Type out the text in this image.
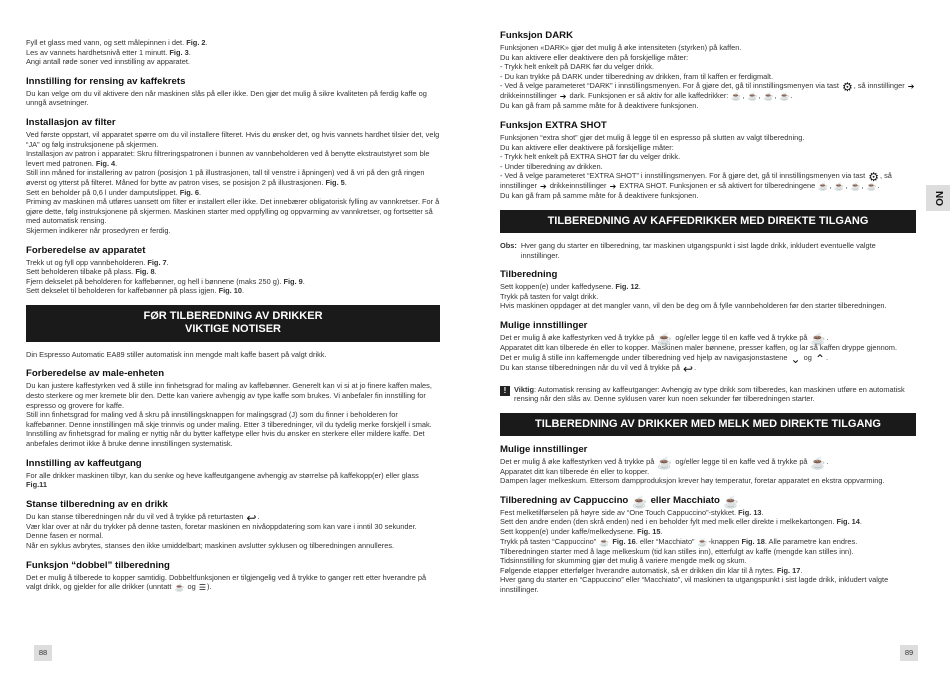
Fyll et glass med vann, og sett målepinnen i det. Fig. 2.

Les av vannets hardhetsnivå etter 1 minutt. Fig. 3.

Angi antall røde soner ved innstilling av apparatet.

Innstilling for rensing av kaffekrets

Du kan velge om du vil aktivere den når maskinen slås på eller ikke. Den gjør det mulig å sikre kvaliteten på ferdig kaffe og unngå avsetninger.

Installasjon av filter

Ved første oppstart, vil apparatet spørre om du vil installere filteret. Hvis du ønsker det, og hvis vannets hardhet tilsier det, velg “JA” og følg instruksjonene på skjermen.

Installasjon av patron i apparatet: Skru filtreringspatronen i bunnen av vannbeholderen ved å benytte ekstrautstyret som ble levert med patronen. Fig. 4.

Still inn måned for installering av patron (posisjon 1 på illustrasjonen, tall til venstre i åpningen) ved å vri på den grå ringen øverst og ytterst på filteret. Måned for bytte av patron vises, se posisjon 2 på illustrasjonen. Fig. 5.

Sett en beholder på 0,6 l under damputslippet. Fig. 6.

Priming av maskinen må utføres uansett om filter er installert eller ikke. Det innebærer obligatorisk fylling av vannkretser. For å gjøre dette, følg instruksjonene på skjermen. Maskinen starter med oppfylling og oppvarming av vannkretser, og fortsetter så med automatisk rensing.

Skjermen indikerer når prosedyren er ferdig.

Forberedelse av apparatet

Trekk ut og fyll opp vannbeholderen. Fig. 7.

Sett beholderen tilbake på plass. Fig. 8.

Fjern dekselet på beholderen for kaffebønner, og hell i bønnene (maks 250 g). Fig. 9.

Sett dekselet til beholderen for kaffebønner på plass igjen. Fig. 10.

FØR TILBEREDNING AV DRIKKER
VIKTIGE NOTISER

Din Espresso Automatic EA89 stiller automatisk inn mengde malt kaffe basert på valgt drikk.

Forberedelse av male-enheten

Du kan justere kaffestyrken ved å stille inn finhetsgrad for maling av kaffebønner. Generelt kan vi si at jo finere kaffen males, desto sterkere og mer kremete blir den. Dette kan variere avhengig av type kaffe som brukes. Vi anbefaler fin innstilling for espresso og grovere for kaffe.

Still inn finhetsgrad for maling ved å skru på innstillingsknappen for malingsgrad (J) som du finner i beholderen for kaffebønner. Denne innstillingen må skje trinnvis og under maling. Etter 3 tilberedninger, vil du tydelig merke forskjell i smak.

Innstilling av finhetsgrad for maling er nyttig når du bytter kaffetype eller hvis du ønsker en sterkere eller mildere kaffe. Det anbefales derimot ikke å bruke denne innstillingen systematisk.

Innstilling av kaffeutgang

For alle drikker maskinen tilbyr, kan du senke og heve kaffeutgangene avhengig av størrelse på kaffekopp(er) eller glass Fig.11

Stanse tilberedning av en drikk

Du kan stanse tilberedningen når du vil ved å trykke på returtasten ↩.

Vær klar over at når du trykker på denne tasten, foretar maskinen en nivåoppdatering som kan vare i inntil 30 sekunder. Denne fasen er normal.

Når en syklus avbrytes, stanses den ikke umiddelbart; maskinen avslutter syklusen og tilberedningen annulleres.

Funksjon “dobbel” tilberedning

Det er mulig å tilberede to kopper samtidig. Dobbeltfunksjonen er tilgjengelig ved å trykke to ganger rett etter hverandre på valgt drikk, og gjelder for alle drikker (unntatt ☕ og ☰).

88
Funksjon DARK

Funksjonen «DARK» gjør det mulig å øke intensiteten (styrken) på kaffen.

Du kan aktivere eller deaktivere den på forskjellige måter:

- Trykk helt enkelt på DARK før du velger drikk.

- Du kan trykke på DARK under tilberedning av drikken, fram til kaffen er ferdigmalt.

- Ved å velge parameteret “DARK” i innstillingsmenyen. For å gjøre det, gå til innstillingsmenyen via tast ⚙, så innstillinger ➔ drikkeinnstillinger ➔ dark. Funksjonen er så aktiv for alle kaffedrikker: ☕, ☕, ☕, ☕.

Du kan gå fram på samme måte for å deaktivere funksjonen.

Funksjon EXTRA SHOT

Funksjonen “extra shot” gjør det mulig å legge til en espresso på slutten av valgt tilberedning.

Du kan aktivere eller deaktivere på forskjellige måter:

- Trykk helt enkelt på EXTRA SHOT før du velger drikk.

- Under tilberedning av drikken.

- Ved å velge parameteret “EXTRA SHOT” i innstillingsmenyen. For å gjøre det, gå til innstillingsmenyen via tast ⚙, så innstillinger ➔ drikkeinnstillinger ➔ EXTRA SHOT. Funksjonen er så aktivert for tilberedningene ☕, ☕, ☕, ☕.

Du kan gå fram på samme måte for å deaktivere funksjonen.

TILBEREDNING AV KAFFEDRIKKER MED DIREKTE TILGANG

Obs: Hver gang du starter en tilberedning, tar maskinen utgangspunkt i sist lagde drikk, inkludert eventuelle valgte innstillinger.

Tilberedning

Sett koppen(e) under kaffedysene. Fig. 12.

Trykk på tasten for valgt drikk.

Hvis maskinen oppdager at det mangler vann, vil den be deg om å fylle vannbeholderen før den starter tilberedningen.

Mulige innstillinger

Det er mulig å øke kaffestyrken ved å trykke på ☕ og/eller legge til en kaffe ved å trykke på ☕.

Apparatet ditt kan tilberede én eller to kopper. Maskinen maler bønnene, presser kaffen, og lar så kaffen dryppe gjennom.

Det er mulig å stille inn kaffemengde under tilberedning ved hjelp av navigasjonstastene ⌄ og ⌃.

Du kan stanse tilberedningen når du vil ved å trykke på ↩.

!	Viktig: Automatisk rensing av kaffeutganger: Avhengig av type drikk som tilberedes, kan maskinen utføre en automatisk rensing når den slås av. Denne syklusen varer kun noen sekunder før tilberedningen starter.

TILBEREDNING AV DRIKKER MED MELK MED DIREKTE TILGANG
Mulige innstillinger

Det er mulig å øke kaffestyrken ved å trykke på ☕ og/eller legge til en kaffe ved å trykke på ☕.

Apparatet ditt kan tilberede én eller to kopper.

Dampen lager melkeskum. Ettersom dampproduksjon krever høy temperatur, foretar apparatet en ekstra oppvarming.

Tilberedning av Cappuccino ☕ eller Macchiato ☕

Fest melketilførselen på høyre side av “One Touch Cappuccino”-stykket. Fig. 13.

Sett den andre enden (den skrå enden) ned i en beholder fylt med melk eller direkte i melkekartongen. Fig. 14.

Sett koppen(e) under kaffe/melkedysene. Fig. 15.

Trykk på tasten “Cappuccino” ☕ Fig. 16. eller “Macchiato” ☕-knappen Fig. 18. Alle parametre kan endres.

Tilberedningen starter med å lage melkeskum (tid kan stilles inn), etterfulgt av kaffe (mengde kan stilles inn).

Tidsinnstilling for skumming gjør det mulig å variere mengde melk og skum.

Følgende etapper etterfølger hverandre automatisk, så er drikken din klar til å nytes. Fig. 17.

Hver gang du starter en “Cappuccino” eller “Macchiato”, vil maskinen ta utgangspunkt i sist lagde drikk, inkludert valgte innstillinger.

89
NO
